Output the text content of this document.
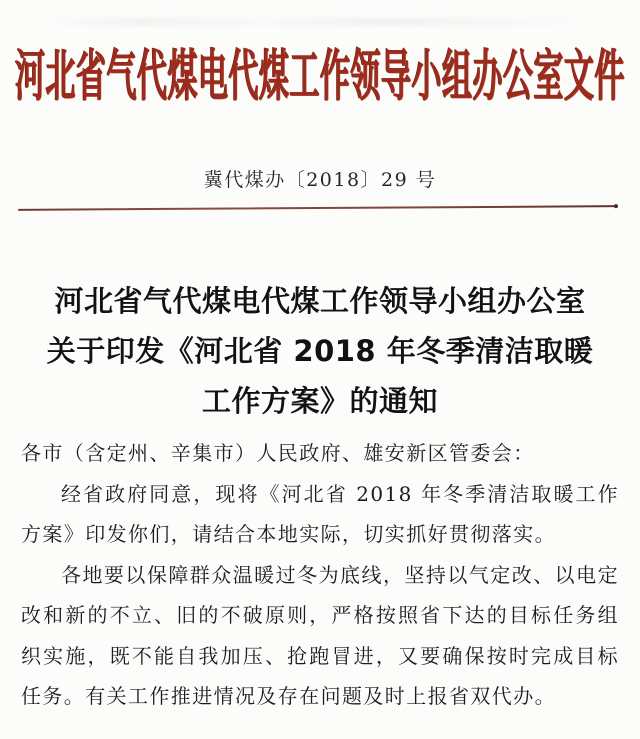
河北省气代煤电代煤工作领导小组办公室文件
冀代煤办〔2018〕29 号
河北省气代煤电代煤工作领导小组办公室
关于印发《河北省 2018 年冬季清洁取暖
工作方案》的通知

各市（含定州、辛集市）人民政府、雄安新区管委会：

经省政府同意，现将《河北省 2018 年冬季清洁取暖工作方案》印发你们，请结合本地实际，切实抓好贯彻落实。

各地要以保障群众温暖过冬为底线，坚持以气定改、以电定改和新的不立、旧的不破原则，严格按照省下达的目标任务组织实施，既不能自我加压、抢跑冒进，又要确保按时完成目标任务。有关工作推进情况及存在问题及时上报省双代办。
